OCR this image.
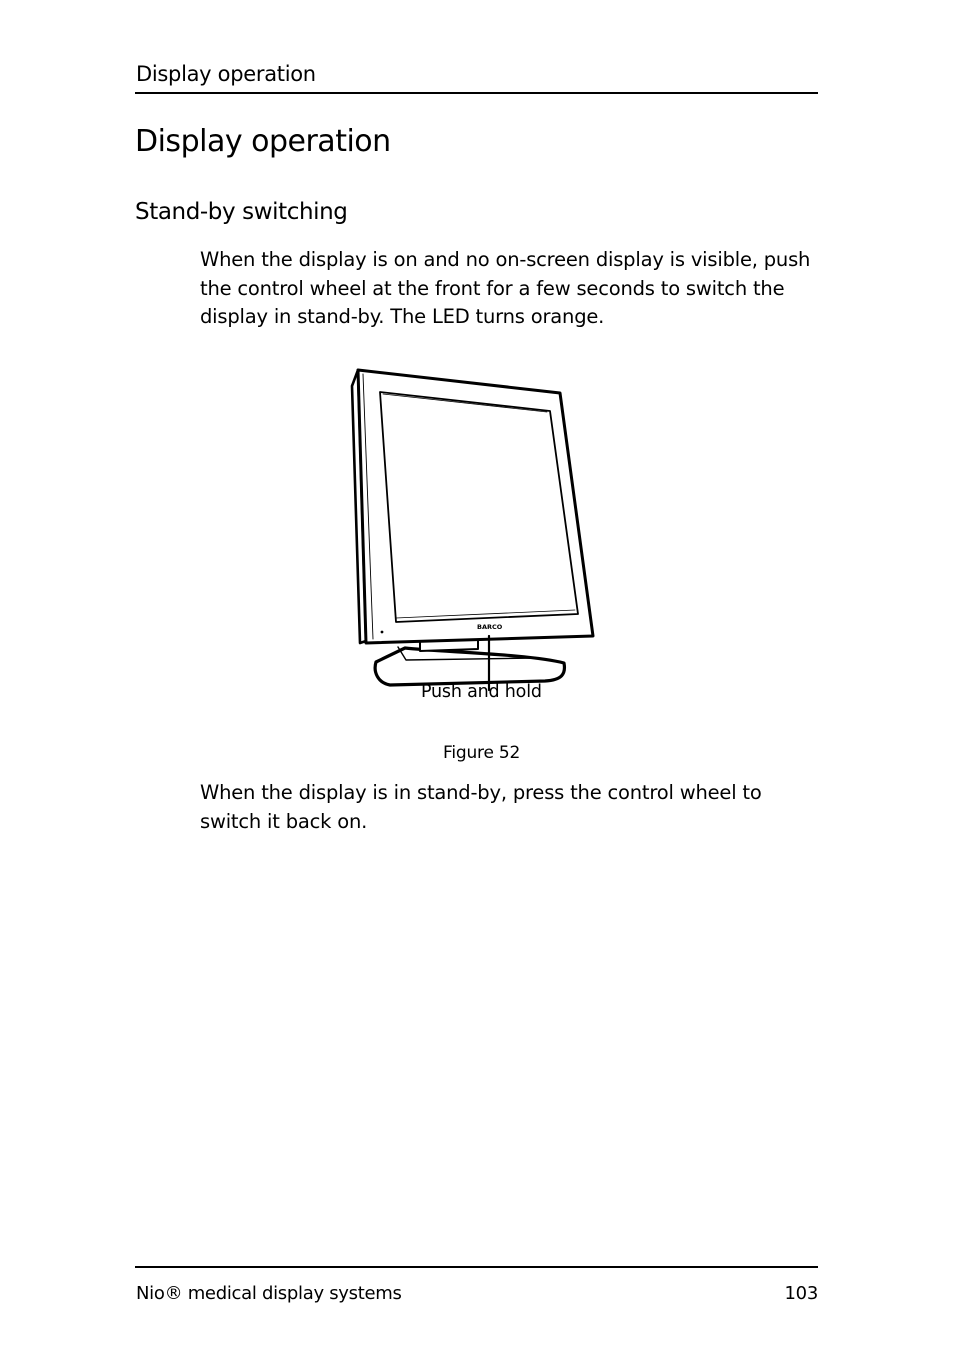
Display operation
Display operation
Stand-by switching
When the display is on and no on-screen display is visible, push the control wheel at the front for a few seconds to switch the display in stand-by. The LED turns orange.
BARCO
Push and hold
Figure 52
When the display is in stand-by, press the control wheel to switch it back on.
Nio® medical display systems	103
